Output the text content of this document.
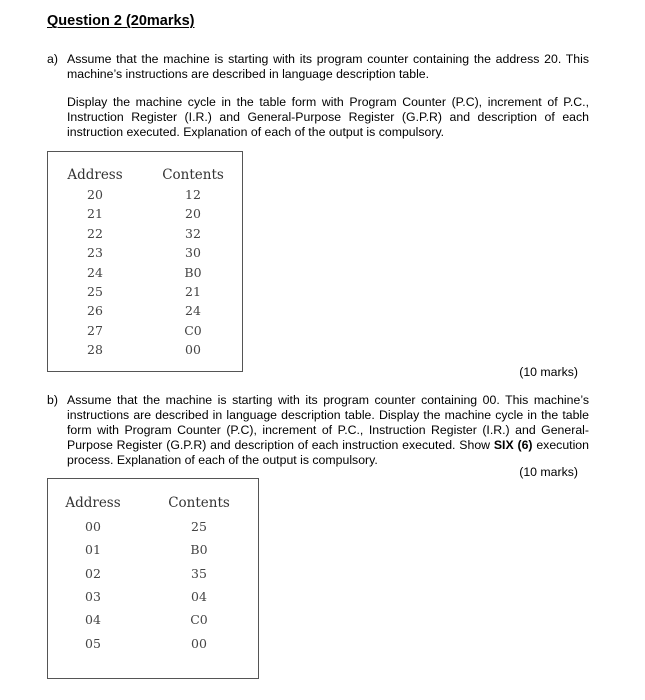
Question 2 (20marks)
a) Assume that the machine is starting with its program counter containing the address 20. This machine’s instructions are described in language description table.
Display the machine cycle in the table form with Program Counter (P.C), increment of P.C., Instruction Register (I.R.) and General-Purpose Register (G.P.R) and description of each instruction executed. Explanation of each of the output is compulsory.
Address	Contents
20	12
21	20
22	32
23	30
24	B0
25	21
26	24
27	C0
28	00
(10 marks)
b) Assume that the machine is starting with its program counter containing 00. This machine’s instructions are described in language description table. Display the machine cycle in the table form with Program Counter (P.C), increment of P.C., Instruction Register (I.R.) and General-Purpose Register (G.P.R) and description of each instruction executed. Show SIX (6) execution process. Explanation of each of the output is compulsory.
(10 marks)
Address	Contents
00	25
01	B0
02	35
03	04
04	C0
05	00
